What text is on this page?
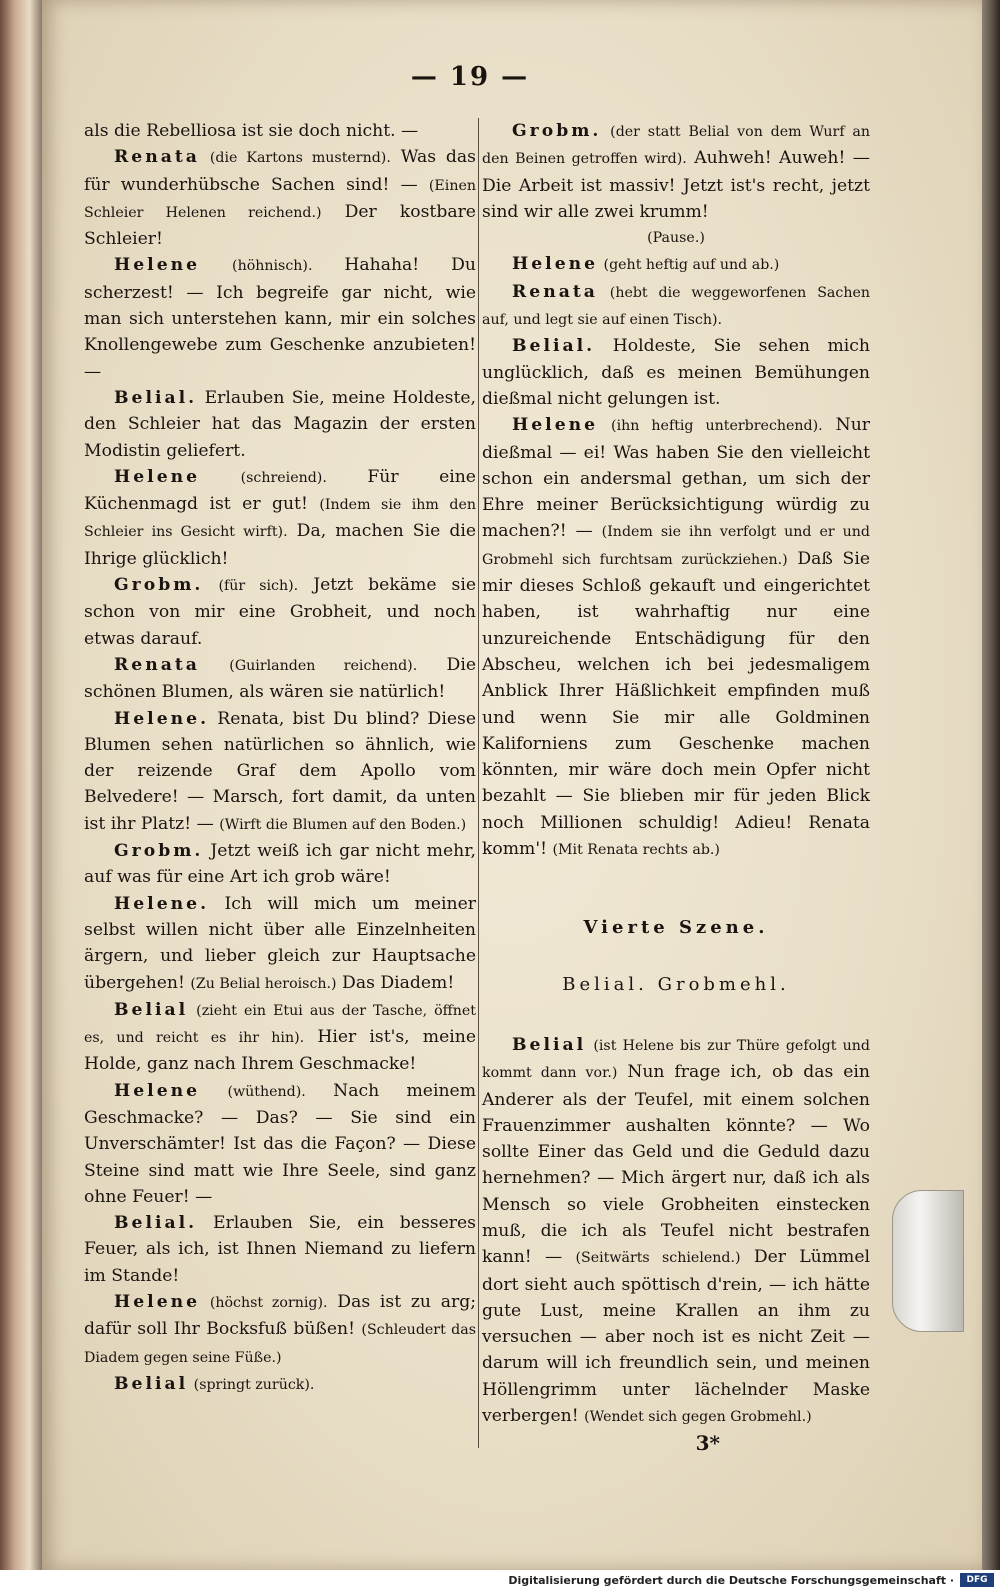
— 19 —

als die Rebelliosa ist sie doch nicht. —

Renata (die Kartons musternd). Was das für wunderhübsche Sachen sind! — (Einen Schleier Helenen reichend.) Der kostbare Schleier!

Helene (höhnisch). Hahaha! Du scherzest! — Ich begreife gar nicht, wie man sich unterstehen kann, mir ein solches Knollengewebe zum Geschenke anzubieten! —

Belial. Erlauben Sie, meine Holdeste, den Schleier hat das Magazin der ersten Modistin geliefert.

Helene	(schreiend). Für eine Küchenmagd ist er gut! (Indem sie ihm den Schleier ins Gesicht wirft). Da, machen Sie die Ihrige glücklich!

Grobm. (für sich). Jetzt bekäme sie schon von mir eine Grobheit, und noch etwas darauf.

Renata (Guirlanden reichend). Die schönen Blumen, als wären sie natürlich!

Helene. Renata, bist Du blind? Diese Blumen sehen natürlichen so ähnlich, wie der reizende Graf dem Apollo vom Belvedere! — Marsch, fort damit, da unten ist ihr Platz! — (Wirft die Blumen auf den Boden.)

Grobm. Jetzt weiß ich gar nicht mehr, auf was für eine Art ich grob wäre!

Helene. Ich will mich um meiner selbst willen nicht über alle Einzelnheiten ärgern, und lieber gleich zur Hauptsache übergehen! (Zu Belial heroisch.) Das Diadem!

Belial (zieht ein Etui aus der Tasche, öffnet es, und reicht es ihr hin). Hier ist's, meine Holde, ganz nach Ihrem Geschmacke!

Helene (wüthend). Nach meinem Geschmacke? — Das? — Sie sind ein Unverschämter! Ist das die Façon? — Diese Steine sind matt wie Ihre Seele, sind ganz ohne Feuer! —

Belial. Erlauben Sie, ein besseres Feuer, als ich, ist Ihnen Niemand zu liefern im Stande!

Helene (höchst zornig). Das ist zu arg; dafür soll Ihr Bocksfuß büßen! (Schleudert das Diadem gegen seine Füße.)

Belial (springt zurück).

Grobm. (der statt Belial von dem Wurf an den Beinen getroffen wird). Auhweh! Auweh! — Die Arbeit ist massiv! Jetzt ist's recht, jetzt sind wir alle zwei krumm!

(Pause.)

Helene (geht heftig auf und ab.)

Renata (hebt die weggeworfenen Sachen auf, und legt sie auf einen Tisch).

Belial. Holdeste, Sie sehen mich unglücklich, daß es meinen Bemühungen dießmal nicht gelungen ist.

Helene (ihn heftig unterbrechend). Nur dießmal — ei! Was haben Sie den vielleicht schon ein andersmal gethan, um sich der Ehre meiner Berücksichtigung würdig zu machen?! — (Indem sie ihn verfolgt und er und Grobmehl sich furchtsam zurückziehen.) Daß Sie mir dieses Schloß gekauft und eingerichtet haben, ist wahrhaftig nur eine unzureichende Entschädigung für den Abscheu, welchen ich bei jedesmaligem Anblick Ihrer Häßlichkeit empfinden muß und wenn Sie mir alle Goldminen Kaliforniens zum Geschenke machen könnten, mir wäre doch mein Opfer nicht bezahlt — Sie blieben mir für jeden Blick noch Millionen schuldig! Adieu! Renata komm'! (Mit Renata rechts ab.)

Vierte Szene.
Belial. Grobmehl.

Belial (ist Helene bis zur Thüre gefolgt und kommt dann vor.) Nun frage ich, ob das ein Anderer als der Teufel, mit einem solchen Frauenzimmer aushalten könnte? — Wo sollte Einer das Geld und die Geduld dazu hernehmen? — Mich ärgert nur, daß ich als Mensch so viele Grobheiten einstecken muß, die ich als Teufel nicht bestrafen kann! — (Seitwärts schielend.) Der Lümmel dort sieht auch spöttisch d'rein, — ich hätte gute Lust, meine Krallen an ihm zu versuchen — aber noch ist es nicht Zeit — darum will ich freundlich sein, und meinen Höllengrimm unter lächelnder Maske verbergen! (Wendet sich gegen Grobmehl.)

3*
Digitalisierung gefördert durch die Deutsche Forschungsgemeinschaft ·	DFG
